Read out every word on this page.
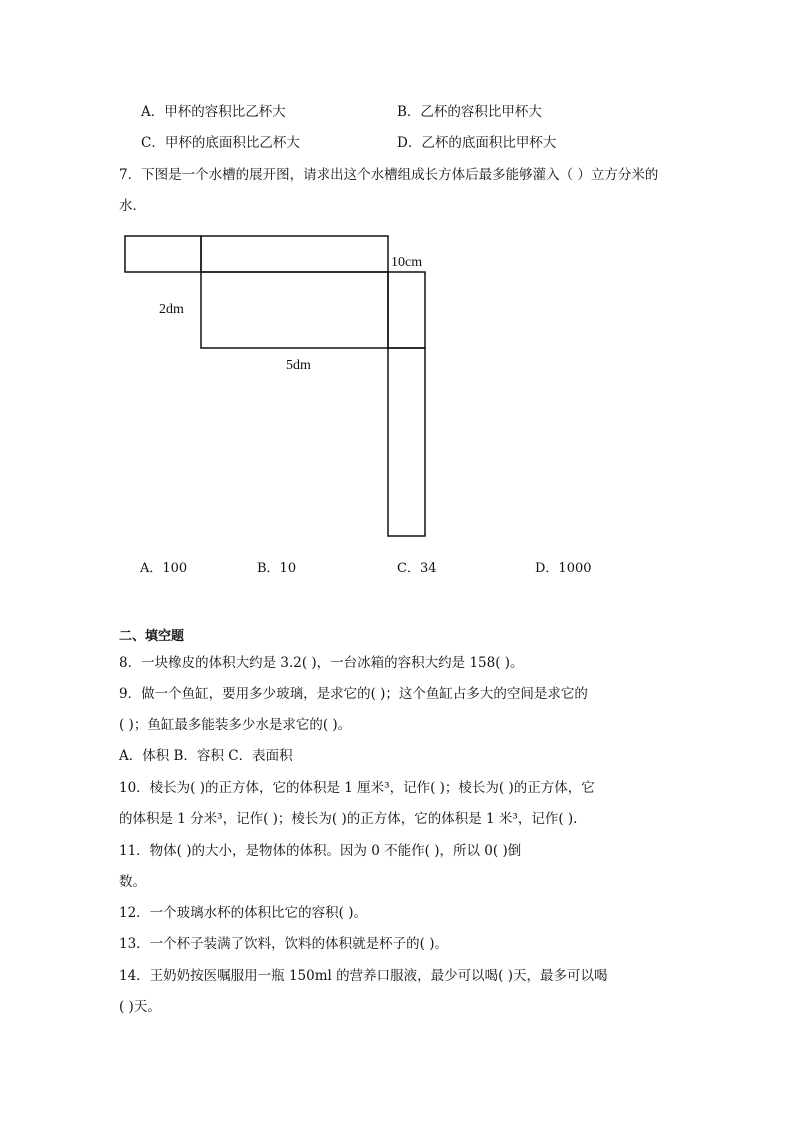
A．甲杯的容积比乙杯大	B．乙杯的容积比甲杯大
C．甲杯的底面积比乙杯大	D．乙杯的底面积比甲杯大
7．下图是一个水槽的展开图，请求出这个水槽组成长方体后最多能够灌入（ ）立方分米的
水．
10cm
2dm
5dm
A．100	B．10	C．34	D．1000
二、填空题
8．一块橡皮的体积大约是 3.2( )，一台冰箱的容积大约是 158( )。
9．做一个鱼缸，要用多少玻璃，是求它的( )；这个鱼缸占多大的空间是求它的
( )；鱼缸最多能装多少水是求它的( )。
A．体积 B．容积 C．表面积
10．棱长为( )的正方体，它的体积是 1 厘米³，记作( )；棱长为( )的正方体，它
的体积是 1 分米³，记作( )；棱长为( )的正方体，它的体积是 1 米³，记作( ).
11．物体( )的大小，是物体的体积。因为 0 不能作( )，所以 0( )倒
数。
12．一个玻璃水杯的体积比它的容积( )。
13．一个杯子装满了饮料，饮料的体积就是杯子的( )。
14．王奶奶按医嘱服用一瓶 150ml 的营养口服液，最少可以喝( )天，最多可以喝
( )天。
